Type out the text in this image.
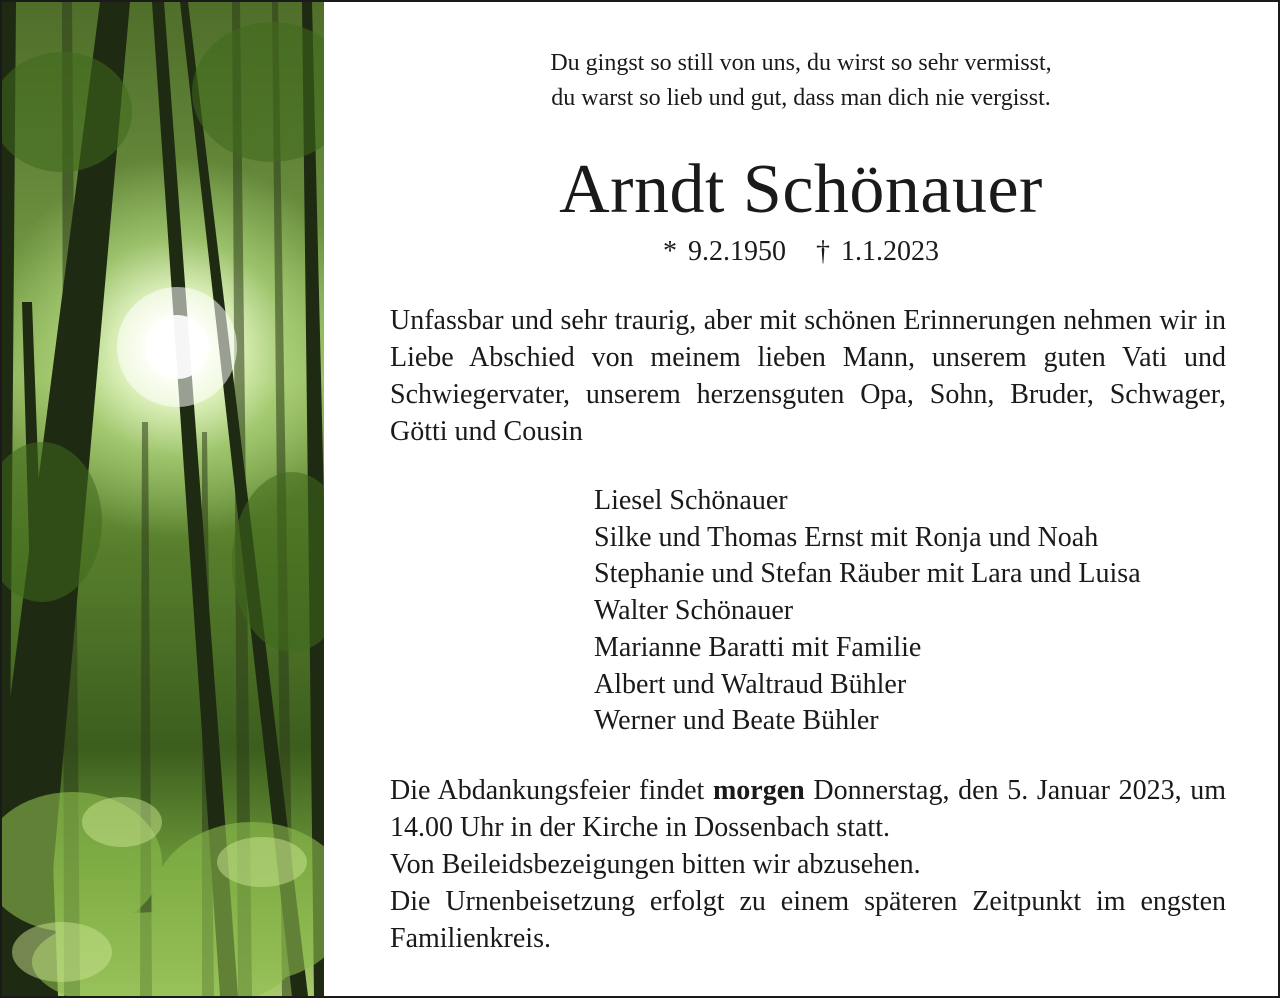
Du gingst so still von uns, du wirst so sehr vermisst,
du warst so lieb und gut, dass man dich nie vergisst.
Arndt Schönauer
* 9.2.1950 † 1.1.2023
Unfassbar und sehr traurig, aber mit schönen Erinnerungen nehmen wir in Liebe Abschied von meinem lieben Mann, unserem guten Vati und Schwiegervater, unserem herzensguten Opa, Sohn, Bruder, Schwager, Götti und Cousin
Liesel Schönauer
Silke und Thomas Ernst mit Ronja und Noah
Stephanie und Stefan Räuber mit Lara und Luisa
Walter Schönauer
Marianne Baratti mit Familie
Albert und Waltraud Bühler
Werner und Beate Bühler
Die Abdankungsfeier findet morgen Donnerstag, den 5. Januar 2023, um 14.00 Uhr in der Kirche in Dossenbach statt.
Von Beileidsbezeigungen bitten wir abzusehen.
Die Urnenbeisetzung erfolgt zu einem späteren Zeitpunkt im engsten Familienkreis.
